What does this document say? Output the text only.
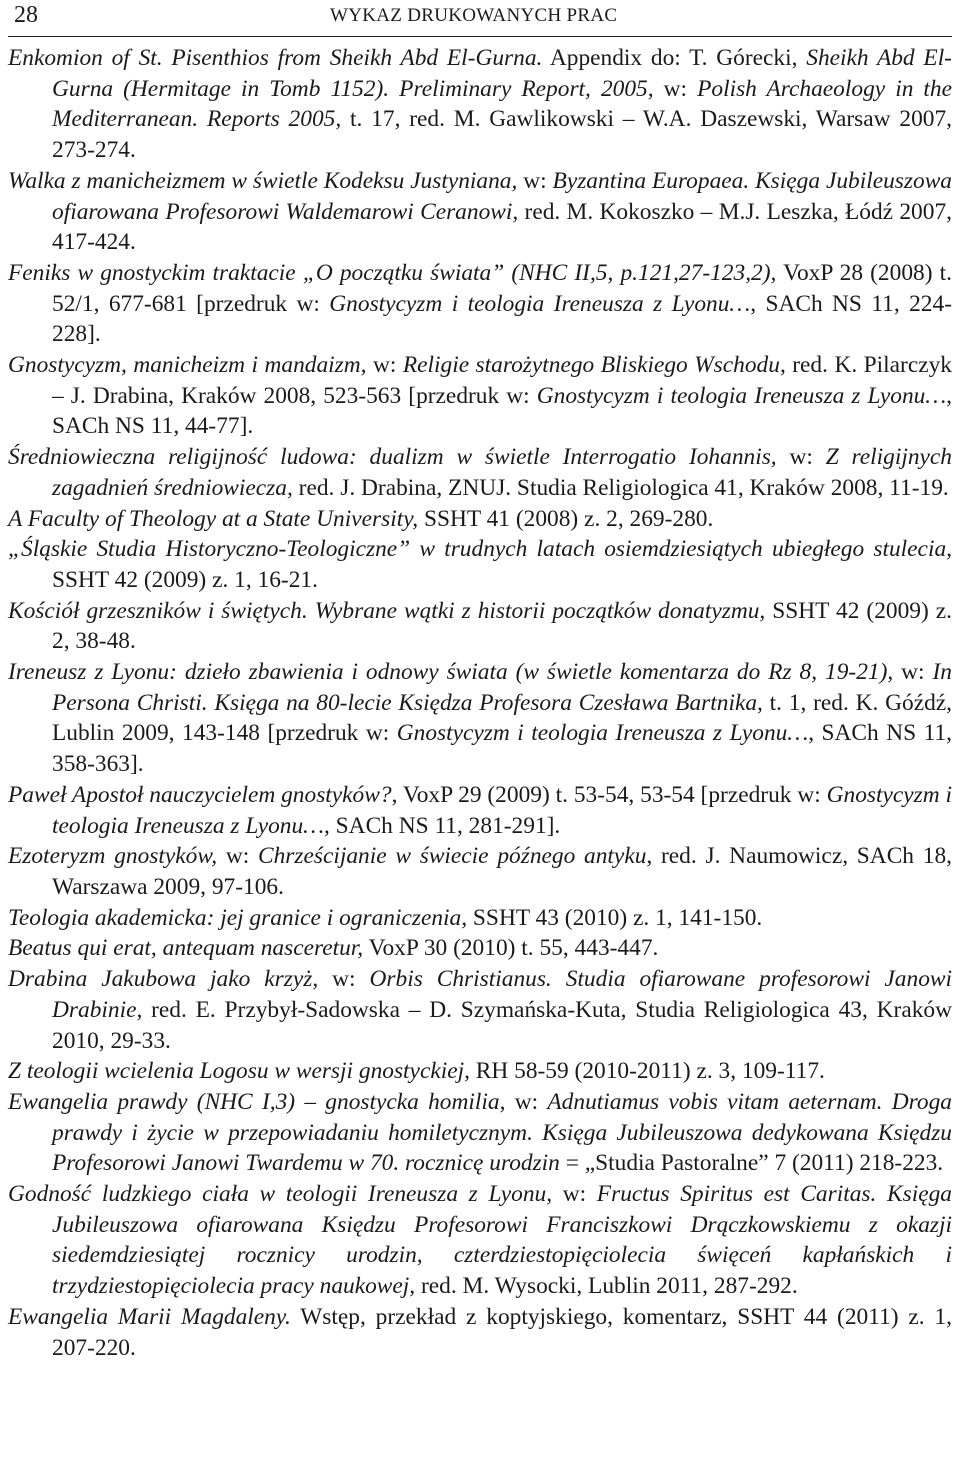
28	WYKAZ DRUKOWANYCH PRAC

Enkomion of St. Pisenthios from Sheikh Abd El-Gurna. Appendix do: T. Górecki, Sheikh Abd El-Gurna (Hermitage in Tomb 1152). Preliminary Report, 2005, w: Polish Archaeology in the Mediterranean. Reports 2005, t. 17, red. M. Gawlikowski – W.A. Daszewski, Warsaw 2007, 273-274.

Walka z manicheizmem w świetle Kodeksu Justyniana, w: Byzantina Europaea. Księga Jubileuszowa ofiarowana Profesorowi Waldemarowi Ceranowi, red. M. Kokoszko – M.J. Leszka, Łódź 2007, 417-424.

Feniks w gnostyckim traktacie „O początku świata” (NHC II,5, p.121,27-123,2), VoxP 28 (2008) t. 52/1, 677-681 [przedruk w: Gnostycyzm i teologia Ireneusza z Lyonu…, SACh NS 11, 224-228].

Gnostycyzm, manicheizm i mandaizm, w: Religie starożytnego Bliskiego Wschodu, red. K. Pilarczyk – J. Drabina, Kraków 2008, 523-563 [przedruk w: Gnostycyzm i teologia Ireneusza z Lyonu…, SACh NS 11, 44-77].

Średniowieczna religijność ludowa: dualizm w świetle Interrogatio Iohannis, w: Z religijnych zagadnień średniowiecza, red. J. Drabina, ZNUJ. Studia Religiologica 41, Kraków 2008, 11-19.

A Faculty of Theology at a State University, SSHT 41 (2008) z. 2, 269-280.

„Śląskie Studia Historyczno-Teologiczne” w trudnych latach osiemdziesiątych ubiegłego stulecia, SSHT 42 (2009) z. 1, 16-21.

Kościół grzeszników i świętych. Wybrane wątki z historii początków donatyzmu, SSHT 42 (2009) z. 2, 38-48.

Ireneusz z Lyonu: dzieło zbawienia i odnowy świata (w świetle komentarza do Rz 8, 19-21), w: In Persona Christi. Księga na 80-lecie Księdza Profesora Czesława Bartnika, t. 1, red. K. Góźdź, Lublin 2009, 143-148 [przedruk w: Gnostycyzm i teologia Ireneusza z Lyonu…, SACh NS 11, 358-363].

Paweł Apostoł nauczycielem gnostyków?, VoxP 29 (2009) t. 53-54, 53-54 [przedruk w: Gnostycyzm i teologia Ireneusza z Lyonu…, SACh NS 11, 281-291].

Ezoteryzm gnostyków, w: Chrześcijanie w świecie późnego antyku, red. J. Naumowicz, SACh 18, Warszawa 2009, 97-106.

Teologia akademicka: jej granice i ograniczenia, SSHT 43 (2010) z. 1, 141-150.

Beatus qui erat, antequam nasceretur, VoxP 30 (2010) t. 55, 443-447.

Drabina Jakubowa jako krzyż, w: Orbis Christianus. Studia ofiarowane profesorowi Janowi Drabinie, red. E. Przybył-Sadowska – D. Szymańska-Kuta, Studia Religiologica 43, Kraków 2010, 29-33.

Z teologii wcielenia Logosu w wersji gnostyckiej, RH 58-59 (2010-2011) z. 3, 109-117.

Ewangelia prawdy (NHC I,3) – gnostycka homilia, w: Adnutiamus vobis vitam aeternam. Droga prawdy i życie w przepowiadaniu homiletycznym. Księga Jubileuszowa dedykowana Księdzu Profesorowi Janowi Twardemu w 70. rocznicę urodzin = „Studia Pastoralne” 7 (2011) 218-223.

Godność ludzkiego ciała w teologii Ireneusza z Lyonu, w: Fructus Spiritus est Caritas. Księga Jubileuszowa ofiarowana Księdzu Profesorowi Franciszkowi Drączkowskiemu z okazji siedemdziesiątej rocznicy urodzin, czterdziestopięciolecia święceń kapłańskich i trzydziestopięciolecia pracy naukowej, red. M. Wysocki, Lublin 2011, 287-292.

Ewangelia Marii Magdaleny. Wstęp, przekład z koptyjskiego, komentarz, SSHT 44 (2011) z. 1, 207-220.
